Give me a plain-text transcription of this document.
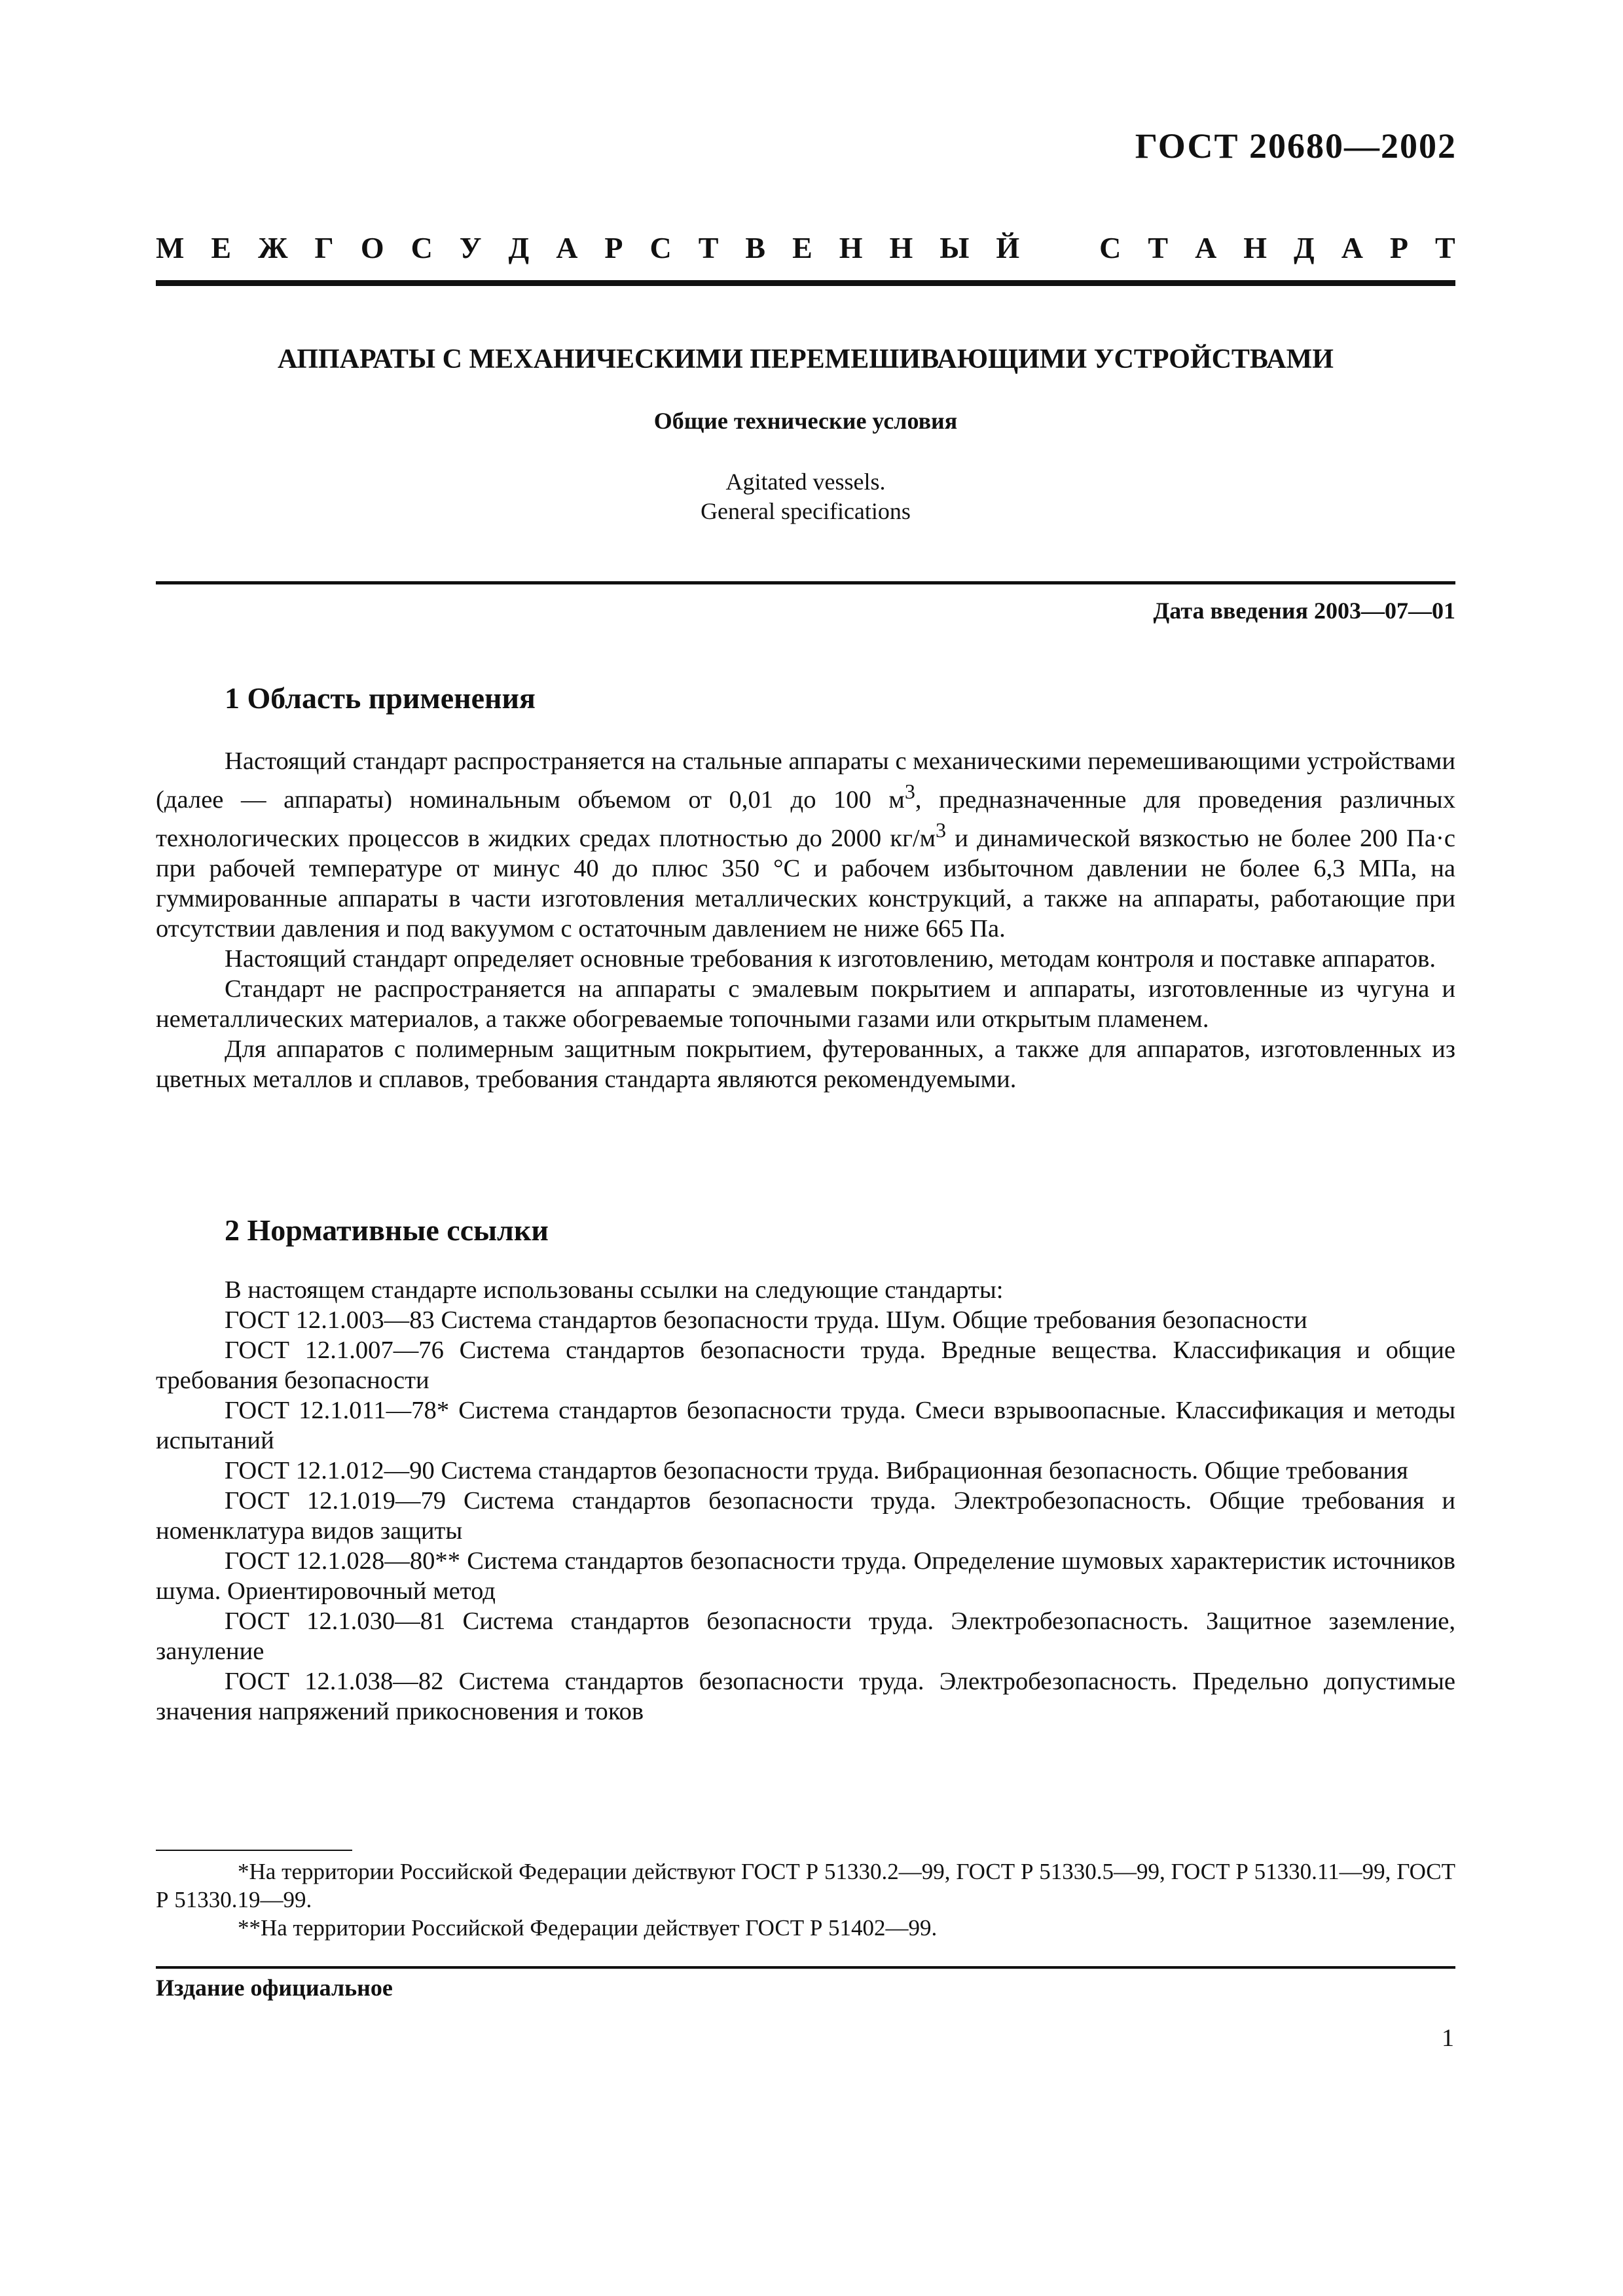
ГОСТ 20680—2002
М Е Ж Г О С У Д А Р С Т В Е Н Н Ы Й	С Т А Н Д А Р Т
АППАРАТЫ С МЕХАНИЧЕСКИМИ ПЕРЕМЕШИВАЮЩИМИ УСТРОЙСТВАМИ
Общие технические условия
Agitated vessels.
General specifications
Дата введения 2003—07—01
1 Область применения

Настоящий стандарт распространяется на стальные аппараты с механическими перемешивающими устройствами (далее — аппараты) номинальным объемом от 0,01 до 100 $м^3$, предназначенные для проведения различных технологических процессов в жидких средах плотностью до 2000 $кг/м^3$ и динамической вязкостью не более 200 Па·с при рабочей температуре от минус 40 до плюс 350 °С и рабочем избыточном давлении не более 6,3 МПа, на гуммированные аппараты в части изготовления металлических конструкций, а также на аппараты, работающие при отсутствии давления и под вакуумом с остаточным давлением не ниже 665 Па.

Настоящий стандарт определяет основные требования к изготовлению, методам контроля и поставке аппаратов.

Стандарт не распространяется на аппараты с эмалевым покрытием и аппараты, изготовленные из чугуна и неметаллических материалов, а также обогреваемые топочными газами или открытым пламенем.

Для аппаратов с полимерным защитным покрытием, футерованных, а также для аппаратов, изготовленных из цветных металлов и сплавов, требования стандарта являются рекомендуемыми.

2 Нормативные ссылки

В настоящем стандарте использованы ссылки на следующие стандарты:

ГОСТ 12.1.003—83 Система стандартов безопасности труда. Шум. Общие требования безопасности

ГОСТ 12.1.007—76 Система стандартов безопасности труда. Вредные вещества. Классификация и общие требования безопасности

ГОСТ 12.1.011—78* Система стандартов безопасности труда. Смеси взрывоопасные. Классификация и методы испытаний

ГОСТ 12.1.012—90 Система стандартов безопасности труда. Вибрационная безопасность. Общие требования

ГОСТ 12.1.019—79 Система стандартов безопасности труда. Электробезопасность. Общие требования и номенклатура видов защиты

ГОСТ 12.1.028—80** Система стандартов безопасности труда. Определение шумовых характеристик источников шума. Ориентировочный метод

ГОСТ 12.1.030—81 Система стандартов безопасности труда. Электробезопасность. Защитное заземление, зануление

ГОСТ 12.1.038—82 Система стандартов безопасности труда. Электробезопасность. Предельно допустимые значения напряжений прикосновения и токов

*На территории Российской Федерации действуют ГОСТ Р 51330.2—99, ГОСТ Р 51330.5—99, ГОСТ Р 51330.11—99, ГОСТ Р 51330.19—99.

**На территории Российской Федерации действует ГОСТ Р 51402—99.

Издание официальное
1
